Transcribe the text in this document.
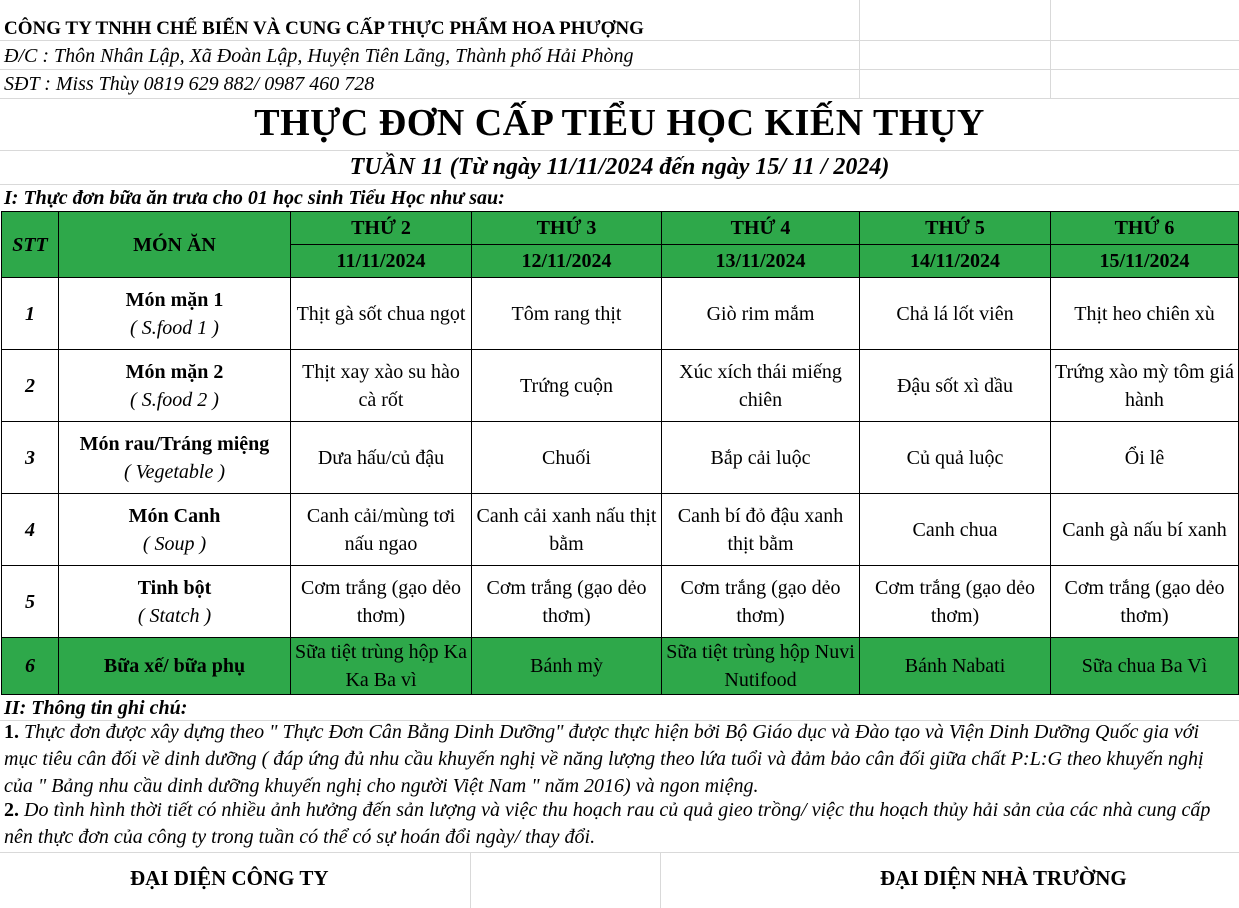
CÔNG TY TNHH CHẾ BIẾN VÀ CUNG CẤP THỰC PHẨM HOA PHƯỢNG
Đ/C : Thôn Nhân Lập, Xã Đoàn Lập, Huyện Tiên Lãng, Thành phố Hải Phòng
SĐT : Miss Thùy 0819 629 882/ 0987 460 728
THỰC ĐƠN CẤP TIỂU HỌC KIẾN THỤY
TUẦN 11 (Từ ngày 11/11/2024 đến ngày 15/ 11 / 2024)
I: Thực đơn bữa ăn trưa cho 01 học sinh Tiểu Học như sau:
STT	MÓN ĂN	THỨ 2	THỨ 3	THỨ 4	THỨ 5	THỨ 6
		11/11/2024	12/11/2024	13/11/2024	14/11/2024	15/11/2024
1	Món mặn 1
( S.food 1 )	Thịt gà sốt chua ngọt	Tôm rang thịt	Giò rim mắm	Chả lá lốt viên	Thịt heo chiên xù
2	Món mặn 2
( S.food 2 )	Thịt xay xào su hào cà rốt	Trứng cuộn	Xúc xích thái miếng chiên	Đậu sốt xì dầu	Trứng xào mỳ tôm giá hành
3	Món rau/Tráng miệng
( Vegetable )	Dưa hấu/củ đậu	Chuối	Bắp cải luộc	Củ quả luộc	Ổi lê
4	Món Canh
( Soup )	Canh cải/mùng tơi nấu ngao	Canh cải xanh nấu thịt bằm	Canh bí đỏ đậu xanh thịt bằm	Canh chua	Canh gà nấu bí xanh
5	Tinh bột
( Statch )	Cơm trắng (gạo dẻo thơm)	Cơm trắng (gạo dẻo thơm)	Cơm trắng (gạo dẻo thơm)	Cơm trắng (gạo dẻo thơm)	Cơm trắng (gạo dẻo thơm)
6	Bữa xế/ bữa phụ	Sữa tiệt trùng hộp Ka Ka Ba vì	Bánh mỳ	Sữa tiệt trùng hộp Nuvi Nutifood	Bánh Nabati	Sữa chua Ba Vì
II: Thông tin ghi chú:
1. Thực đơn được xây dựng theo " Thực Đơn Cân Bằng Dinh Dưỡng" được thực hiện bởi Bộ Giáo dục và Đào tạo và Viện Dinh Dưỡng Quốc gia với mục tiêu cân đối về dinh dưỡng ( đáp ứng đủ nhu cầu khuyến nghị về năng lượng theo lứa tuổi và đảm bảo cân đối giữa chất P:L:G theo khuyến nghị của " Bảng nhu cầu dinh dưỡng khuyến nghị cho người Việt Nam " năm 2016) và ngon miệng.
2. Do tình hình thời tiết có nhiều ảnh hưởng đến sản lượng và việc thu hoạch rau củ quả gieo trồng/ việc thu hoạch thủy hải sản của các nhà cung cấp nên thực đơn của công ty trong tuần có thể có sự hoán đổi ngày/ thay đổi.
ĐẠI DIỆN CÔNG TY	ĐẠI DIỆN NHÀ TRƯỜNG
